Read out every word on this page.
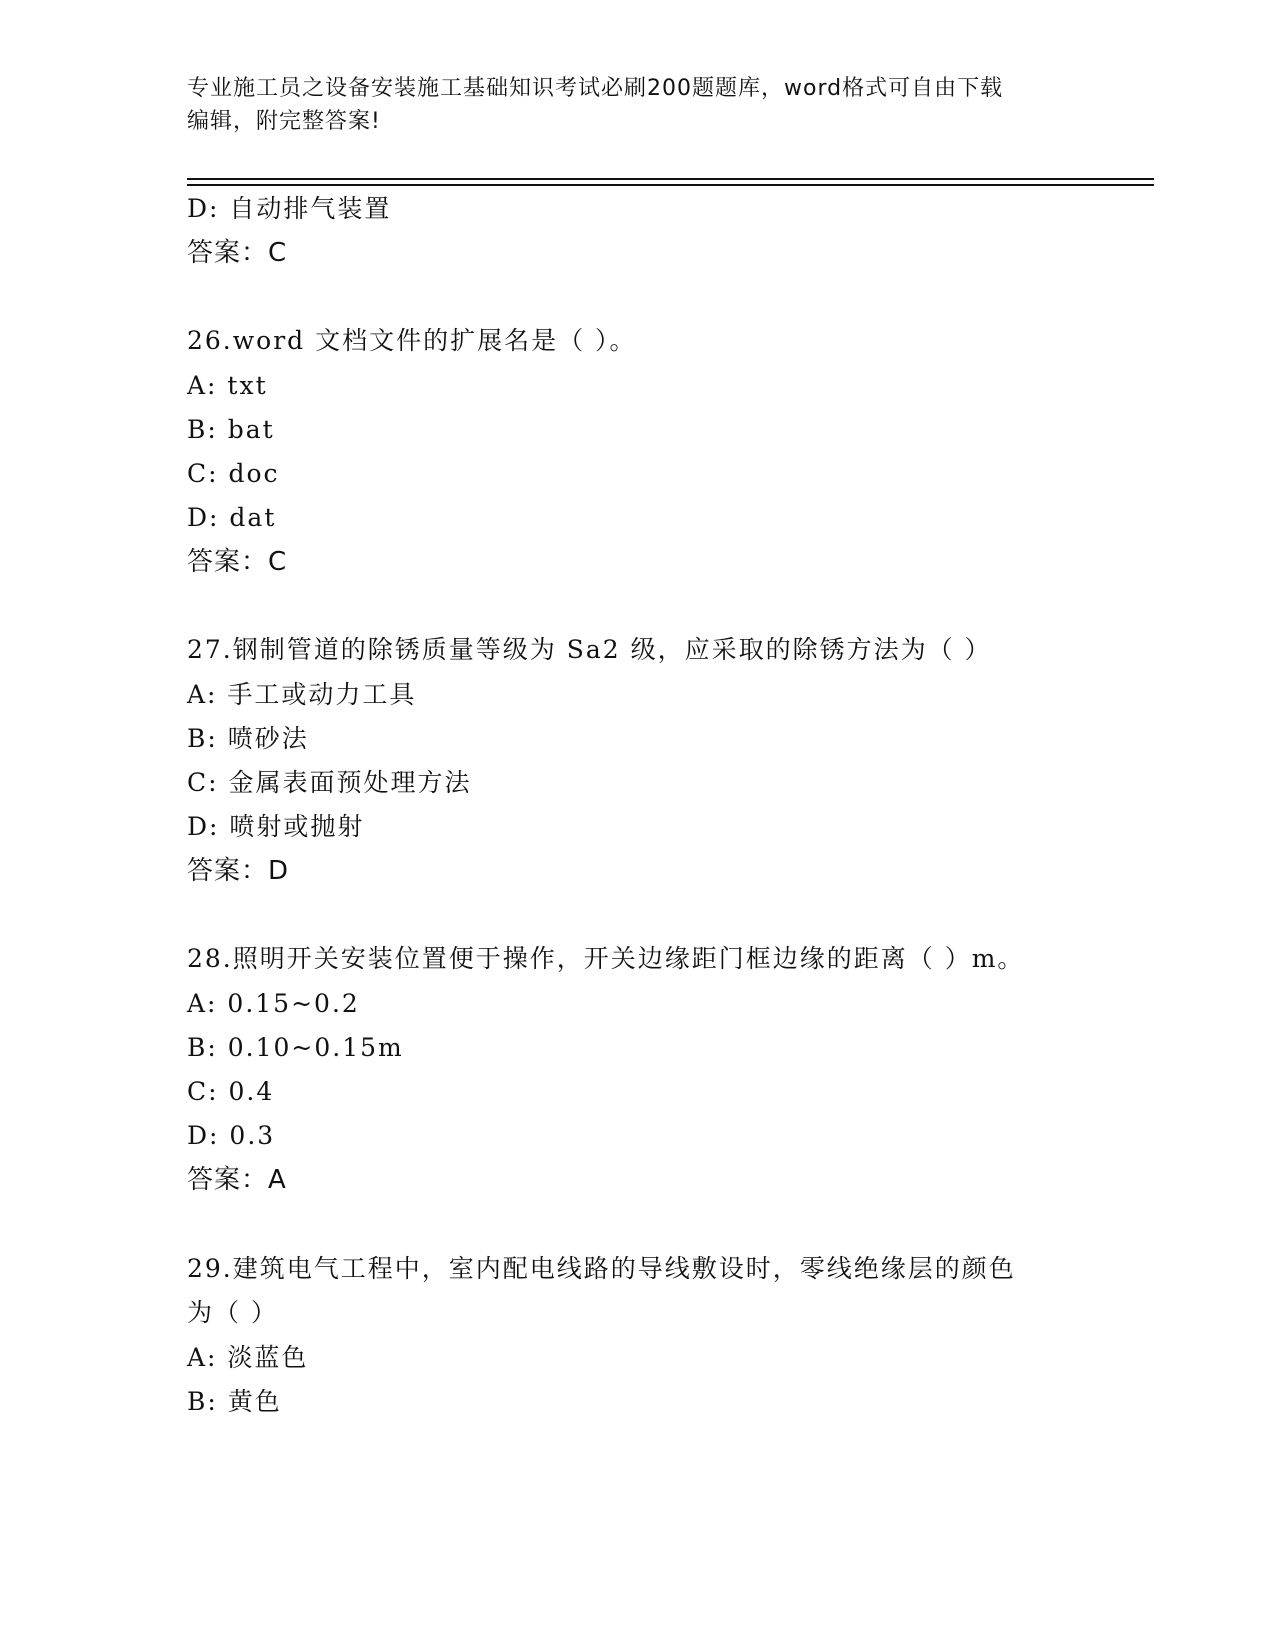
专业施工员之设备安装施工基础知识考试必刷200题题库，word格式可自由下载
编辑，附完整答案!
D: 自动排气装置
答案：C
26.word 文档文件的扩展名是（ ）。
A: txt
B: bat
C: doc
D: dat
答案：C
27.钢制管道的除锈质量等级为 Sa2 级，应采取的除锈方法为（ ）
A: 手工或动力工具
B: 喷砂法
C: 金属表面预处理方法
D: 喷射或抛射
答案：D
28.照明开关安装位置便于操作，开关边缘距门框边缘的距离（ ）m。
A: 0.15~0.2
B: 0.10~0.15m
C: 0.4
D: 0.3
答案：A
29.建筑电气工程中，室内配电线路的导线敷设时，零线绝缘层的颜色
为（ ）
A: 淡蓝色
B: 黄色
